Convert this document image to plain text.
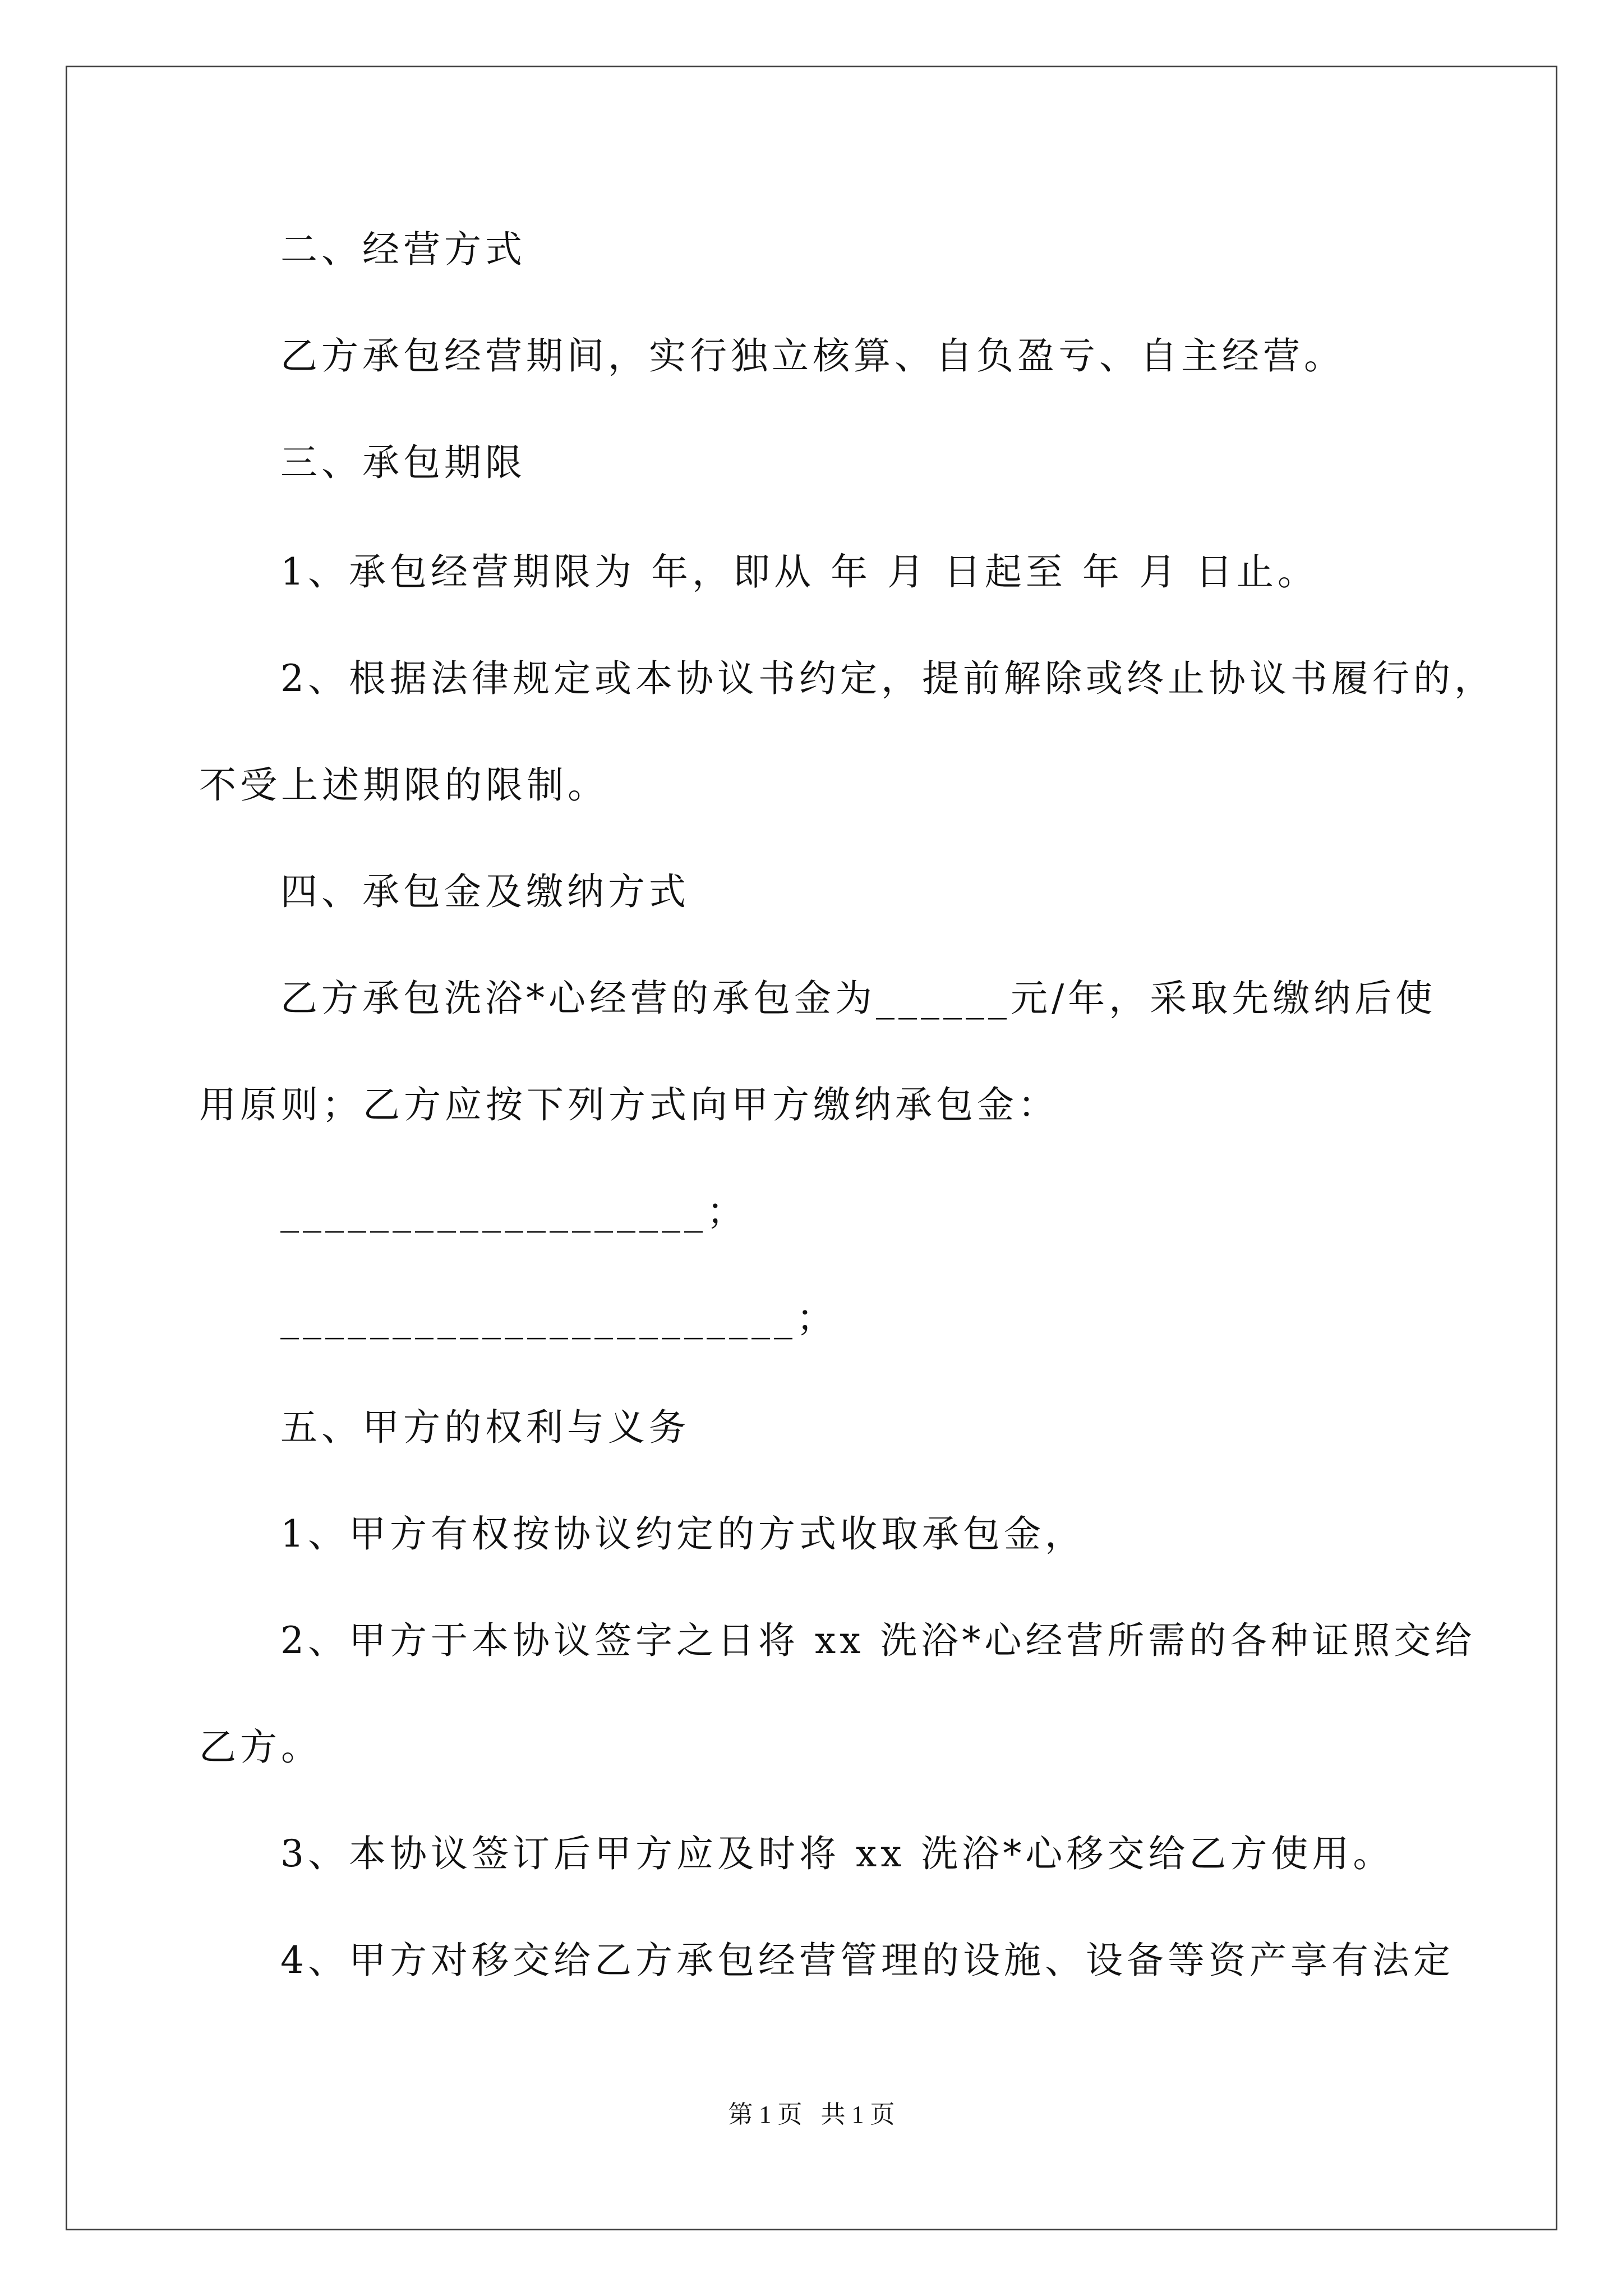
二、经营方式
乙方承包经营期间，实行独立核算、自负盈亏、自主经营。
三、承包期限
1、承包经营期限为 年，即从 年 月 日起至 年 月 日止。
2、根据法律规定或本协议书约定，提前解除或终止协议书履行的，
不受上述期限的限制。
四、承包金及缴纳方式
乙方承包洗浴*心经营的承包金为______元/年，采取先缴纳后使
用原则；乙方应按下列方式向甲方缴纳承包金：
___________________；
_______________________；
五、甲方的权利与义务
1、甲方有权按协议约定的方式收取承包金，
2、甲方于本协议签字之日将 xx 洗浴*心经营所需的各种证照交给
乙方。
3、本协议签订后甲方应及时将 xx 洗浴*心移交给乙方使用。
4、甲方对移交给乙方承包经营管理的设施、设备等资产享有法定
第 1 页   共 1 页
